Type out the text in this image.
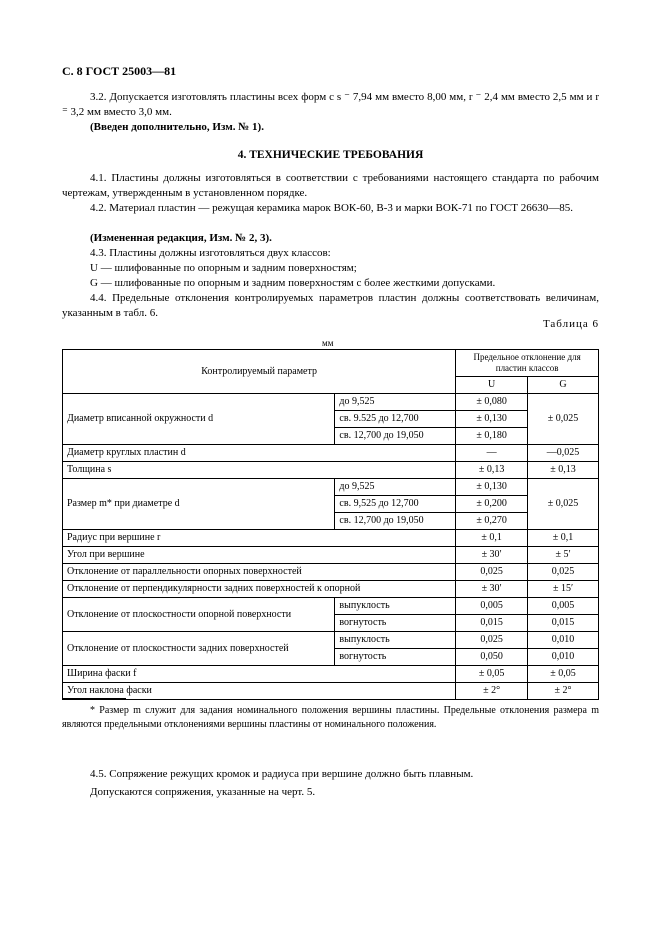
С. 8 ГОСТ 25003—81
3.2. Допускается изготовлять пластины всех форм с s ⁻ 7,94 мм вместо 8,00 мм, r ⁻ 2,4 мм вместо 2,5 мм и r ⁼ 3,2 мм вместо 3,0 мм.
(Введен дополнительно, Изм. № 1).
4. ТЕХНИЧЕСКИЕ ТРЕБОВАНИЯ
4.1. Пластины должны изготовляться в соответствии с требованиями настоящего стандарта по рабочим чертежам, утвержденным в установленном порядке.
4.2. Материал пластин — режущая керамика марок ВОК-60, В-3 и марки ВОК-71 по ГОСТ 26630—85.
(Измененная редакция, Изм. № 2, 3).
4.3. Пластины должны изготовляться двух классов:
U — шлифованные по опорным и задним поверхностям;
G — шлифованные по опорным и задним поверхностям с более жесткими допусками.
4.4. Предельные отклонения контролируемых параметров пластин должны соответствовать величинам, указанным в табл. 6.
Таблица 6
мм
Контролируемый параметр		Предельное отклонение для пластин классов	
		U	G
Диаметр вписанной окружности d	до 9,525	± 0,080	± 0,025
	св. 9.525 до 12,700	± 0,130	
	св. 12,700 до 19,050	± 0,180	
Диаметр круглых пластин d		—	—0,025
Толщина s		± 0,13	± 0,13
Размер m* при диаметре d	до 9,525	± 0,130	± 0,025
	св. 9,525 до 12,700	± 0,200	
	св. 12,700 до 19,050	± 0,270	
Радиус при вершине r		± 0,1	± 0,1
Угол при вершине		± 30′	± 5′
Отклонение от параллельности опорных поверхностей		0,025	0,025
Отклонение от перпендикулярности задних поверхностей к опорной		± 30′	± 15′
Отклонение от плоскостности опорной поверхности	выпуклость	0,005	0,005
	вогнутость	0,015	0,015
Отклонение от плоскостности задних поверхностей	выпуклость	0,025	0,010
	вогнутость	0,050	0,010
Ширина фаски f		± 0,05	± 0,05
Угол наклона фаски		± 2°	± 2°
* Размер m служит для задания номинального положения вершины пластины. Предельные отклонения размера m являются предельными отклонениями вершины пластины от номинального положения.
4.5. Сопряжение режущих кромок и радиуса при вершине должно быть плавным.
Допускаются сопряжения, указанные на черт. 5.
